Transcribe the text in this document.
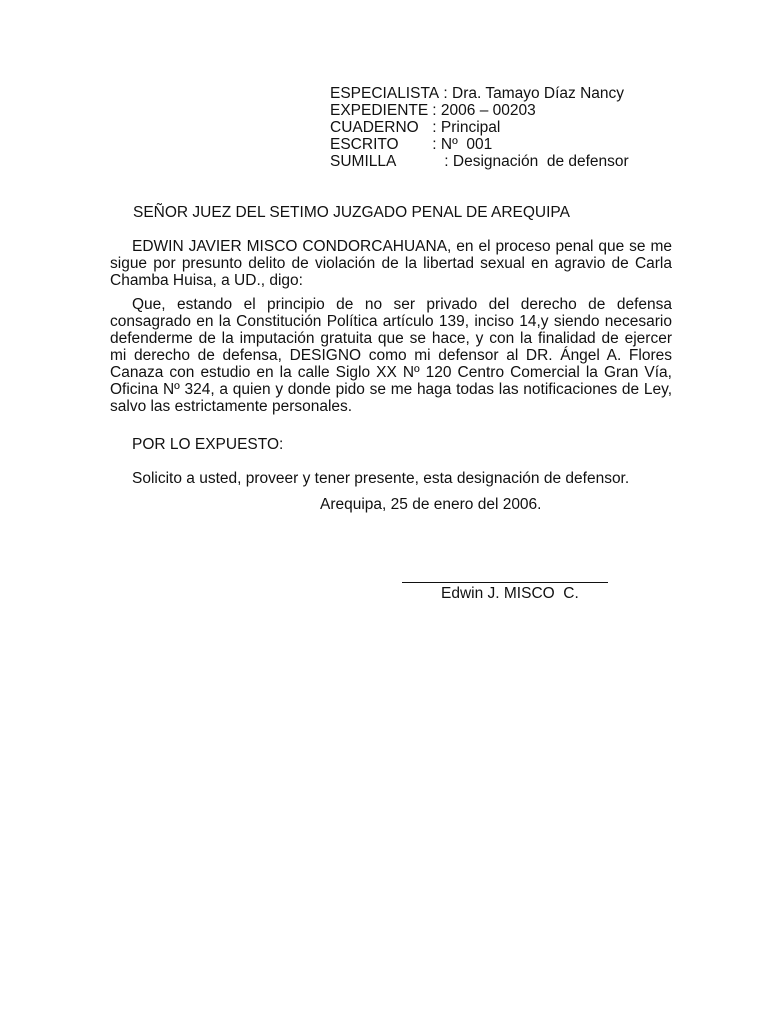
ESPECIALISTA : Dra. Tamayo Díaz Nancy
EXPEDIENTE : 2006 – 00203
CUADERNO : Principal
ESCRITO	: Nº  001
SUMILLA	: Designación  de defensor
SEÑOR JUEZ DEL SETIMO JUZGADO PENAL DE AREQUIPA
EDWIN JAVIER MISCO CONDORCAHUANA, en el proceso penal que se me sigue por presunto delito de violación de la libertad sexual en agravio de Carla Chamba Huisa, a UD., digo:
Que, estando el principio de no ser privado del derecho de defensa consagrado en la Constitución Política artículo 139, inciso 14,y siendo necesario defenderme de la imputación gratuita que se hace, y con la finalidad de ejercer mi derecho de defensa, DESIGNO como mi defensor al DR. Ángel A. Flores Canaza con estudio en la calle Siglo XX Nº 120 Centro Comercial la Gran Vía, Oficina Nº 324, a quien y donde pido se me haga todas las notificaciones de Ley, salvo las estrictamente personales.
POR LO EXPUESTO:
Solicito a usted, proveer y tener presente, esta designación de defensor.
Arequipa, 25 de enero del 2006.
Edwin J. MISCO  C.
